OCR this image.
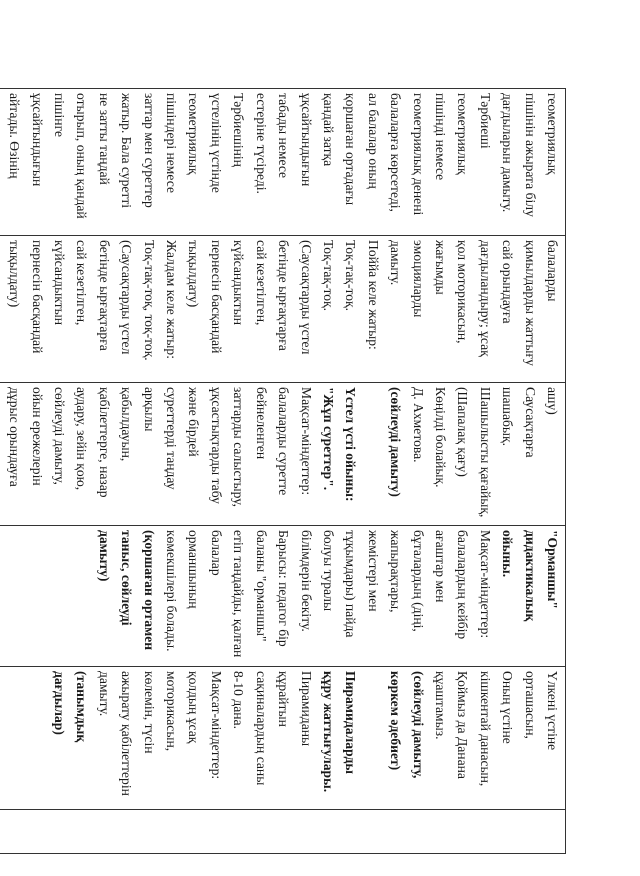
геометриялық
пішінін ажырата білу
дағдыларын дамыту.
Тәрбиеші
геометриялық
пішінді немесе
геометриялық денені
балаларға көрсетеді,
ал балалар оның
қоршаған ортадағы
қандай затқа
ұқсайтындығын
табады немесе
естеріне түсіреді.
Тәрбиешінің
үстелінің үстінде
геометриялық
пішіндері немесе
заттар мен суреттер
жатыр. Бала суретті
не затты таңдай
отырып, оның қандай
пішінге
ұқсайтындығын
айтады. Өзінің

балаларды
қимылдарды жаттығу
сай орындауға
дағдыландыру; ұсақ
қол моторикасын,
жағымды
эмоцияларды
дамыту.
Поййа келе жатыр:
Тоқ-тақ-тоқ.
Тоқ-тақ-тоқ.
(Саусақтарды үстел
бетінде ырғақтарға
сай кезетілген,
күйсандыктын
пернесін басқандай
тықылдату)
Жалдам келе жатыр:
Тоқ-тақ-тоқ, тоқ-тоқ.
(Саусақтарды үстел
бетінде ырғақтарға
сай кезетілген,
күйсандыктын
пернесін басқандай
тықылдату)

ашу)
Саусақтарға
шашабық.
Шашылысты қағайық,
(Шапалақ қағу)
Көңілді болайық.
Д. Ахметова.
(сөйлеуді дамыту)

Үстел үсті ойыны:
"Жұп суреттер".
Мақсат-міндеттер:
балаларды суретте
бейнеленген
заттарды салыстыру,
ұқсастықтарды табу
және бірдей
суреттерді таңдау
арқылы
қабылдауын,
қабілеттерге, назар
аудару, зейін қою,
сөйлеуді дамыту,
ойын ережелерін
дұрыс орындауға

"Орманшы"
дидактикалық
ойыны.
Мақсат-міндеттер:
балалардың кейбір
ағаштар мен
бұталардың (діңі,
жапырақтары,
жемістері мен
тұқымдары) пайда
болуы туралы
білімдерін бекіту.
Барысы: педагог бір
баланы "орманшы"
етіп таңдайды, қалған
балалар
орманшының
көмекшілері болады.
(қоршаған ортамен
таныс, сөйлеуді
дамыту)

Үлкені үстіне
орташасын,
Оның үстіне
кішкентай данасын,
Қоймыз да Данана
құаштамыз.
(сөйлеуді дамыту,
көркем әдебиет)

Пирамидаларды
құру жаттығулары.
Пирамиданы
құрайтын
сақиналардың саны
8-10 дана.
Мақсат-міндеттер:
қолдың ұсақ
моторикасын,
көлемін, түсін
ажырату қабілеттерін
дамыту.
(танымдық
дағдылар)
